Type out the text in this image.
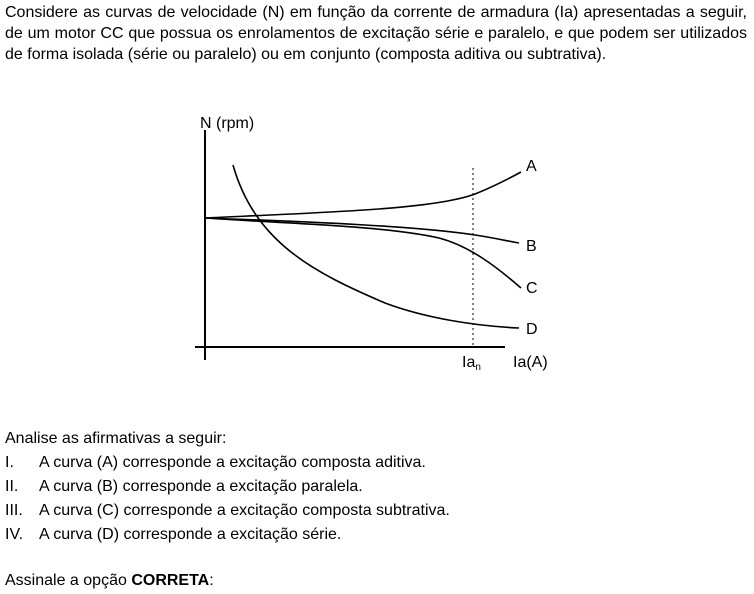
Considere as curvas de velocidade (N) em função da corrente de armadura (Ia) apresentadas a seguir, de um motor CC que possua os enrolamentos de excitação série e paralelo, e que podem ser utilizados de forma isolada (série ou paralelo) ou em conjunto (composta aditiva ou subtrativa).
N (rpm)
A
B
C
D
Ian Ia(A)
Analise as afirmativas a seguir:
I. A curva (A) corresponde a excitação composta aditiva.
II. A curva (B) corresponde a excitação paralela.
III. A curva (C) corresponde a excitação composta subtrativa.
IV. A curva (D) corresponde a excitação série.
Assinale a opção CORRETA:
